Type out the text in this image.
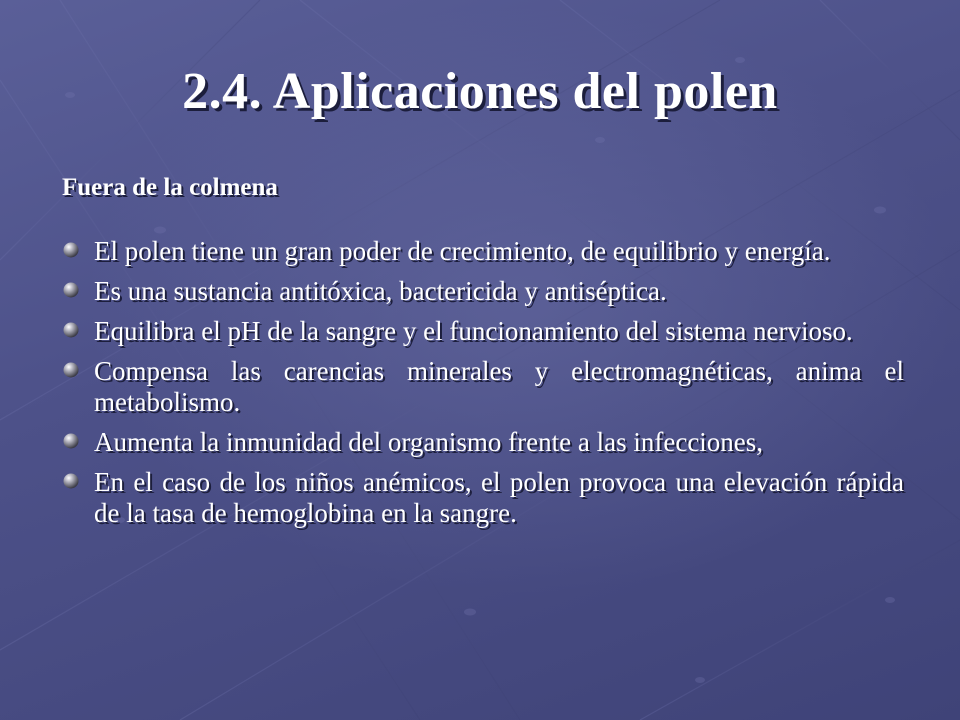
2.4. Aplicaciones del polen
Fuera de la colmena
El polen tiene un gran poder de crecimiento, de equilibrio y energía.
Es una sustancia antitóxica, bactericida y antiséptica.
Equilibra el pH de la sangre y el funcionamiento del sistema nervioso.
Compensa las carencias minerales y electromagnéticas, anima el metabolismo.
Aumenta la inmunidad del organismo frente a las infecciones,
En el caso de los niños anémicos, el polen provoca una elevación rápida de la tasa de hemoglobina en la sangre.
